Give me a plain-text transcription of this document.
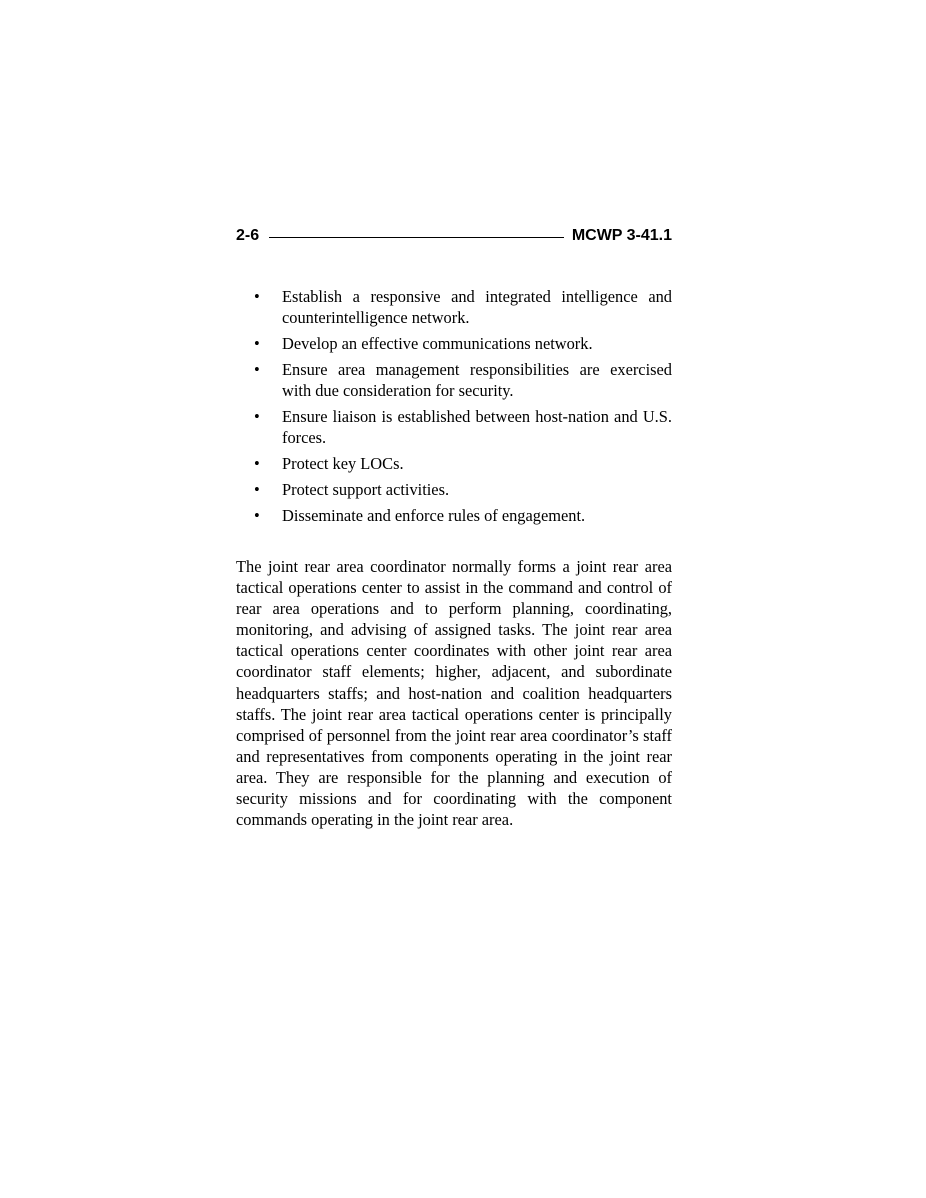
2-6	MCWP 3-41.1
• Establish a responsive and integrated intelligence and counterintelligence network.
• Develop an effective communications network.
• Ensure area management responsibilities are exercised with due consideration for security.
• Ensure liaison is established between host-nation and U.S. forces.
• Protect key LOCs.
• Protect support activities.
• Disseminate and enforce rules of engagement.

The joint rear area coordinator normally forms a joint rear area tactical operations center to assist in the command and control of rear area operations and to perform planning, coordinating, monitoring, and advising of assigned tasks. The joint rear area tactical operations center coordinates with other joint rear area coordinator staff elements; higher, adjacent, and subordinate headquarters staffs; and host-nation and coalition headquarters staffs. The joint rear area tactical operations center is principally comprised of personnel from the joint rear area coordinator’s staff and representatives from components operating in the joint rear area. They are responsible for the planning and execution of security missions and for coordinating with the component commands operating in the joint rear area.
